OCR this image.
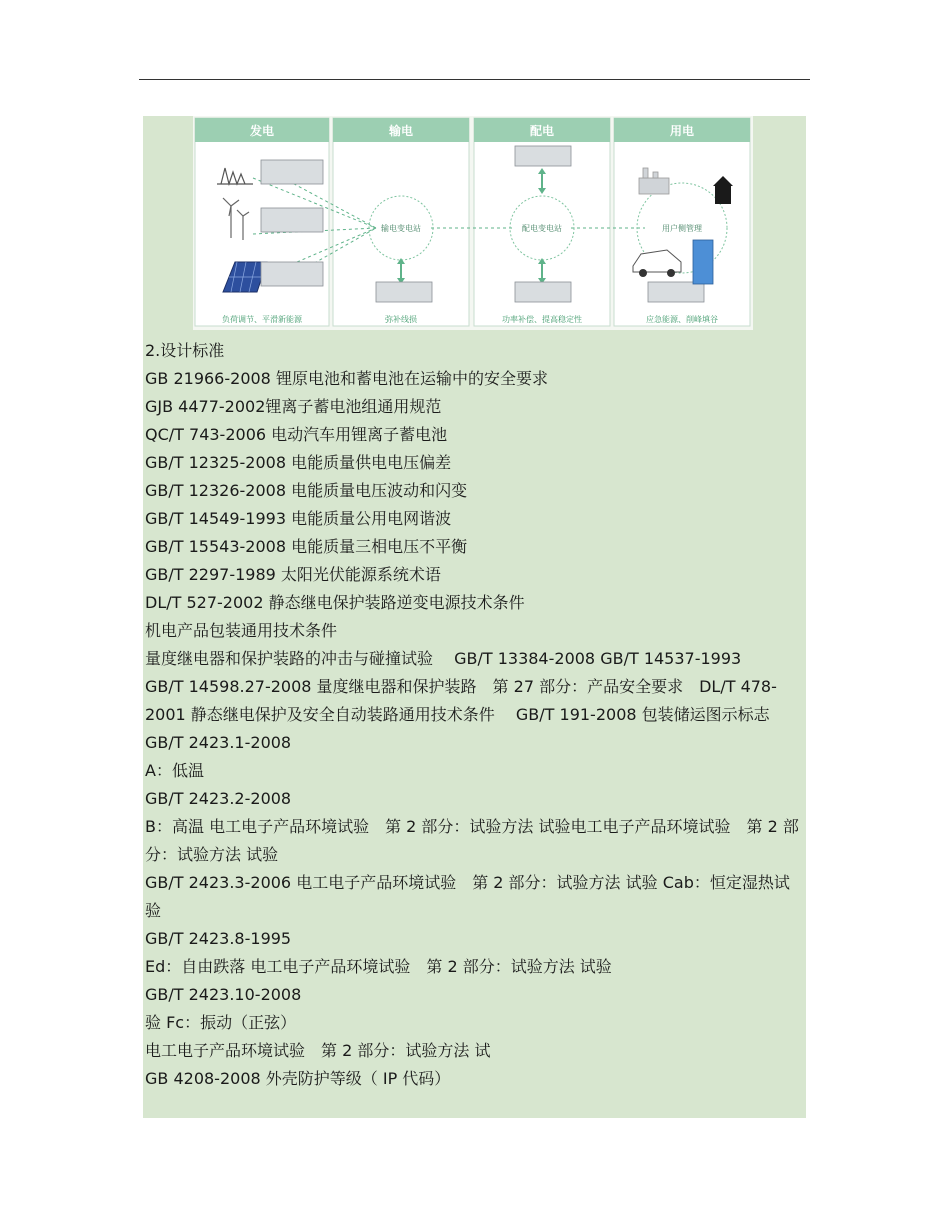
发电	输电	配电	用电
输电变电站	配电变电站	用户侧管理
负荷调节、平滑新能源	弥补线损	功率补偿、提高稳定性	应急能源、削峰填谷
2.设计标准
GB 21966-2008 锂原电池和蓄电池在运输中的安全要求
GJB 4477-2002锂离子蓄电池组通用规范
QC/T 743-2006 电动汽车用锂离子蓄电池
GB/T 12325-2008 电能质量供电电压偏差
GB/T 12326-2008 电能质量电压波动和闪变
GB/T 14549-1993 电能质量公用电网谐波
GB/T 15543-2008 电能质量三相电压不平衡
GB/T 2297-1989 太阳光伏能源系统术语
DL/T 527-2002 静态继电保护装路逆变电源技术条件
机电产品包装通用技术条件
量度继电器和保护装路的冲击与碰撞试验　 GB/T 13384-2008 GB/T 14537-1993
GB/T 14598.27-2008 量度继电器和保护装路　第 27 部分：产品安全要求　DL/T 478-2001 静态继电保护及安全自动装路通用技术条件　 GB/T 191-2008 包装储运图示标志
GB/T 2423.1-2008
A：低温
GB/T 2423.2-2008
B：高温 电工电子产品环境试验　第 2 部分：试验方法 试验电工电子产品环境试验　第 2 部分：试验方法 试验
GB/T 2423.3-2006 电工电子产品环境试验　第 2 部分：试验方法 试验 Cab：恒定湿热试验
GB/T 2423.8-1995
Ed：自由跌落 电工电子产品环境试验　第 2 部分：试验方法 试验
GB/T 2423.10-2008
验 Fc：振动（正弦）
电工电子产品环境试验　第 2 部分：试验方法 试
GB 4208-2008 外壳防护等级（ IP 代码）
